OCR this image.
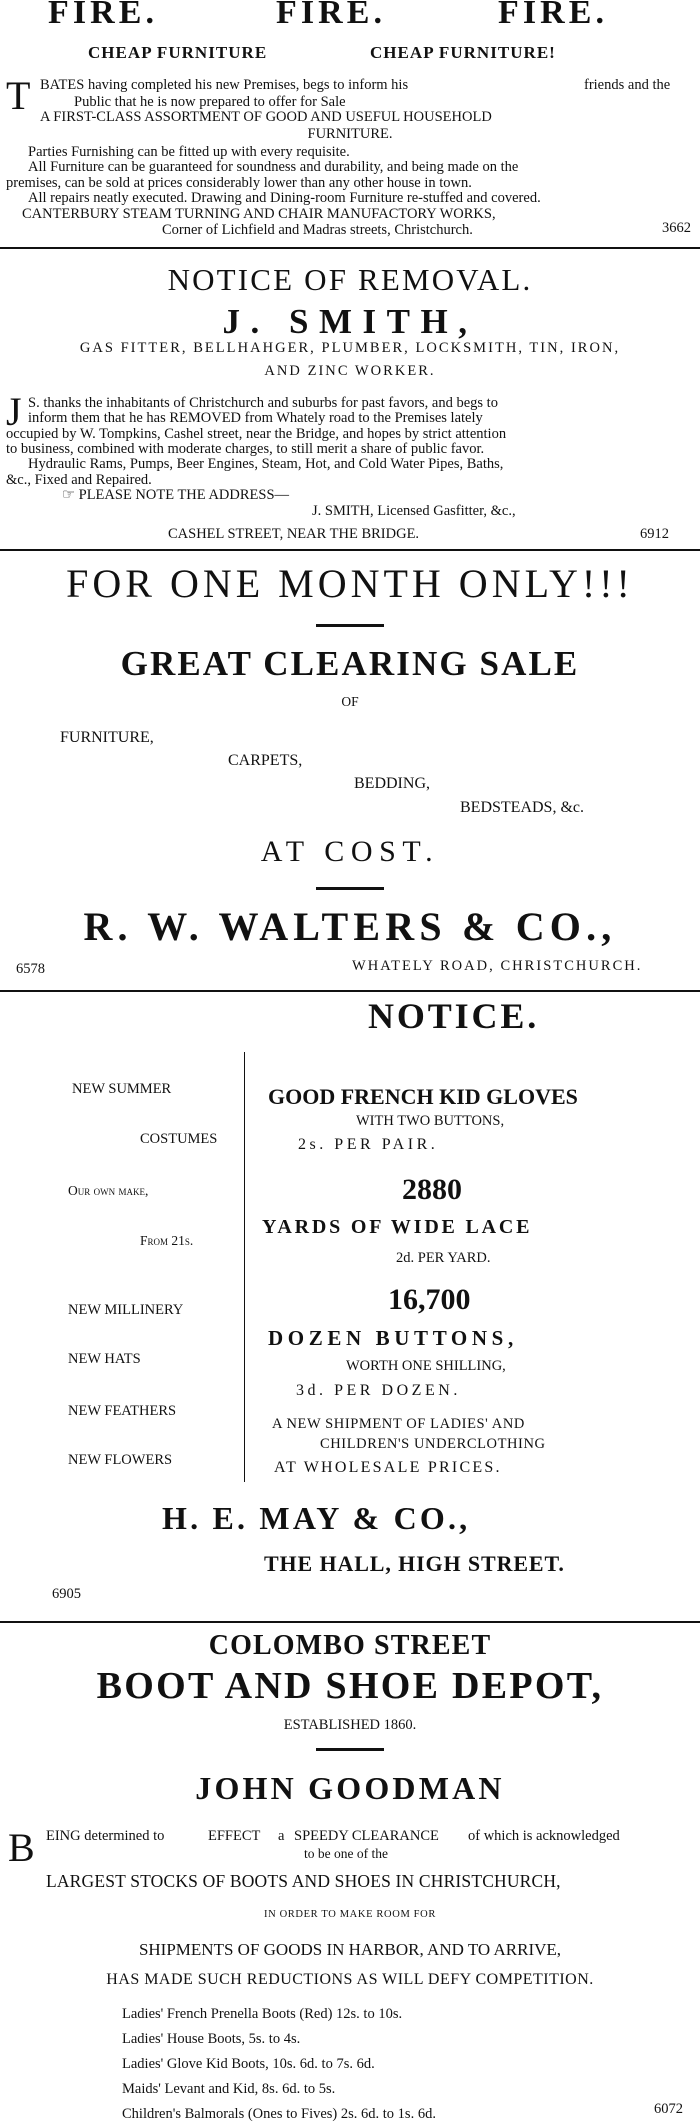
FIRE.	FIRE.	FIRE.
CHEAP FURNITURE	CHEAP FURNITURE!
T BATES having completed his new Premises, begs to inform his	friends and the
Public that he is now prepared to offer for Sale
A FIRST-CLASS ASSORTMENT OF GOOD AND USEFUL HOUSEHOLD
FURNITURE.
Parties Furnishing can be fitted up with every requisite.
All Furniture can be guaranteed for soundness and durability, and being made on the
premises, can be sold at prices considerably lower than any other house in town.
All repairs neatly executed. Drawing and Dining-room Furniture re-stuffed and covered.
CANTERBURY STEAM TURNING AND CHAIR MANUFACTORY WORKS,
Corner of Lichfield and Madras streets, Christchurch.	3662
NOTICE OF REMOVAL.
J. SMITH,
GAS FITTER, BELLHAHGER, PLUMBER, LOCKSMITH, TIN, IRON,
AND ZINC WORKER.
J S. thanks the inhabitants of Christchurch and suburbs for past favors, and begs to
inform them that he has REMOVED from Whately road to the Premises lately
occupied by W. Tompkins, Cashel street, near the Bridge, and hopes by strict attention
to business, combined with moderate charges, to still merit a share of public favor.
Hydraulic Rams, Pumps, Beer Engines, Steam, Hot, and Cold Water Pipes, Baths,
&c., Fixed and Repaired.
☞ PLEASE NOTE THE ADDRESS—
J. SMITH, Licensed Gasfitter, &c.,
CASHEL STREET, NEAR THE BRIDGE.	6912
FOR ONE MONTH ONLY!!!
GREAT CLEARING SALE
OF
FURNITURE,
CARPETS,
BEDDING,
BEDSTEADS, &c.
AT COST.
R. W. WALTERS & CO.,
6578	WHATELY ROAD, CHRISTCHURCH.
NOTICE.
NEW SUMMER
COSTUMES
Our own make,
From 21s.
NEW MILLINERY
NEW HATS
NEW FEATHERS
NEW FLOWERS
GOOD FRENCH KID GLOVES
WITH TWO BUTTONS,
2s. PER PAIR.
2880
YARDS OF WIDE LACE
2d. PER YARD.
16,700
DOZEN BUTTONS,
WORTH ONE SHILLING,
3d. PER DOZEN.
A NEW SHIPMENT OF LADIES' AND
CHILDREN'S UNDERCLOTHING
AT WHOLESALE PRICES.
H. E. MAY & CO.,
THE HALL, HIGH STREET.
6905
COLOMBO STREET
BOOT AND SHOE DEPOT,
ESTABLISHED 1860.
JOHN GOODMAN
B EING determined to	EFFECT a SPEEDY CLEARANCE of which is acknowledged
to be one of the
LARGEST STOCKS OF BOOTS AND SHOES IN CHRISTCHURCH,
IN ORDER TO MAKE ROOM FOR
SHIPMENTS OF GOODS IN HARBOR, AND TO ARRIVE,
HAS MADE SUCH REDUCTIONS AS WILL DEFY COMPETITION.
Ladies' French Prenella Boots (Red) 12s. to 10s.
Ladies' House Boots, 5s. to 4s.
Ladies' Glove Kid Boots, 10s. 6d. to 7s. 6d.
Maids' Levant and Kid, 8s. 6d. to 5s.
Children's Balmorals (Ones to Fives) 2s. 6d. to 1s. 6d.	6072
